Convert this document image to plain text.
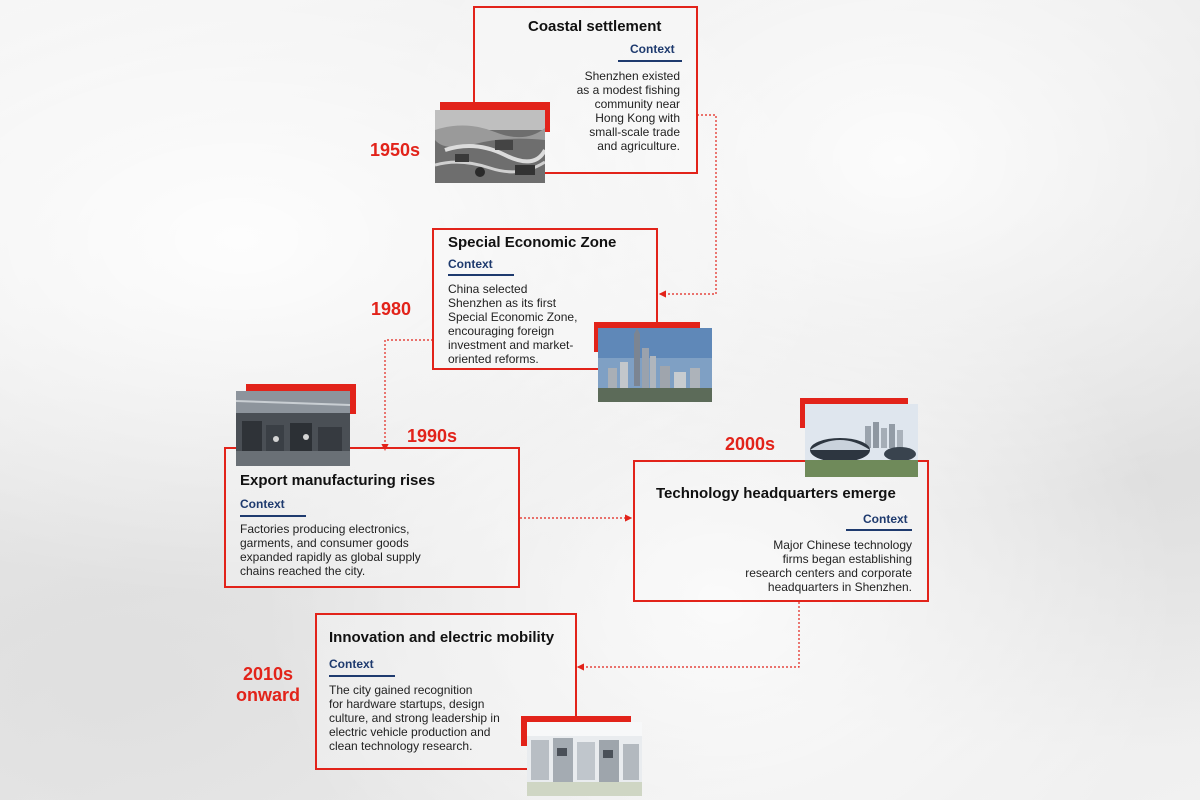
Coastal settlement
Context
Shenzhen existed
as a modest fishing
community near
Hong Kong with
small-scale trade
and agriculture.
1950s
Special Economic Zone
Context
China selected
Shenzhen as its first
Special Economic Zone,
encouraging foreign
investment and market-
oriented reforms.
1980
Export manufacturing rises
Context
Factories producing electronics,
garments, and consumer goods
expanded rapidly as global supply
chains reached the city.
1990s
Technology headquarters emerge
Context
Major Chinese technology
firms began establishing
research centers and corporate
headquarters in Shenzhen.
2000s
Innovation and electric mobility
Context
The city gained recognition
for hardware startups, design
culture, and strong leadership in
electric vehicle production and
clean technology research.
2010s
onward
